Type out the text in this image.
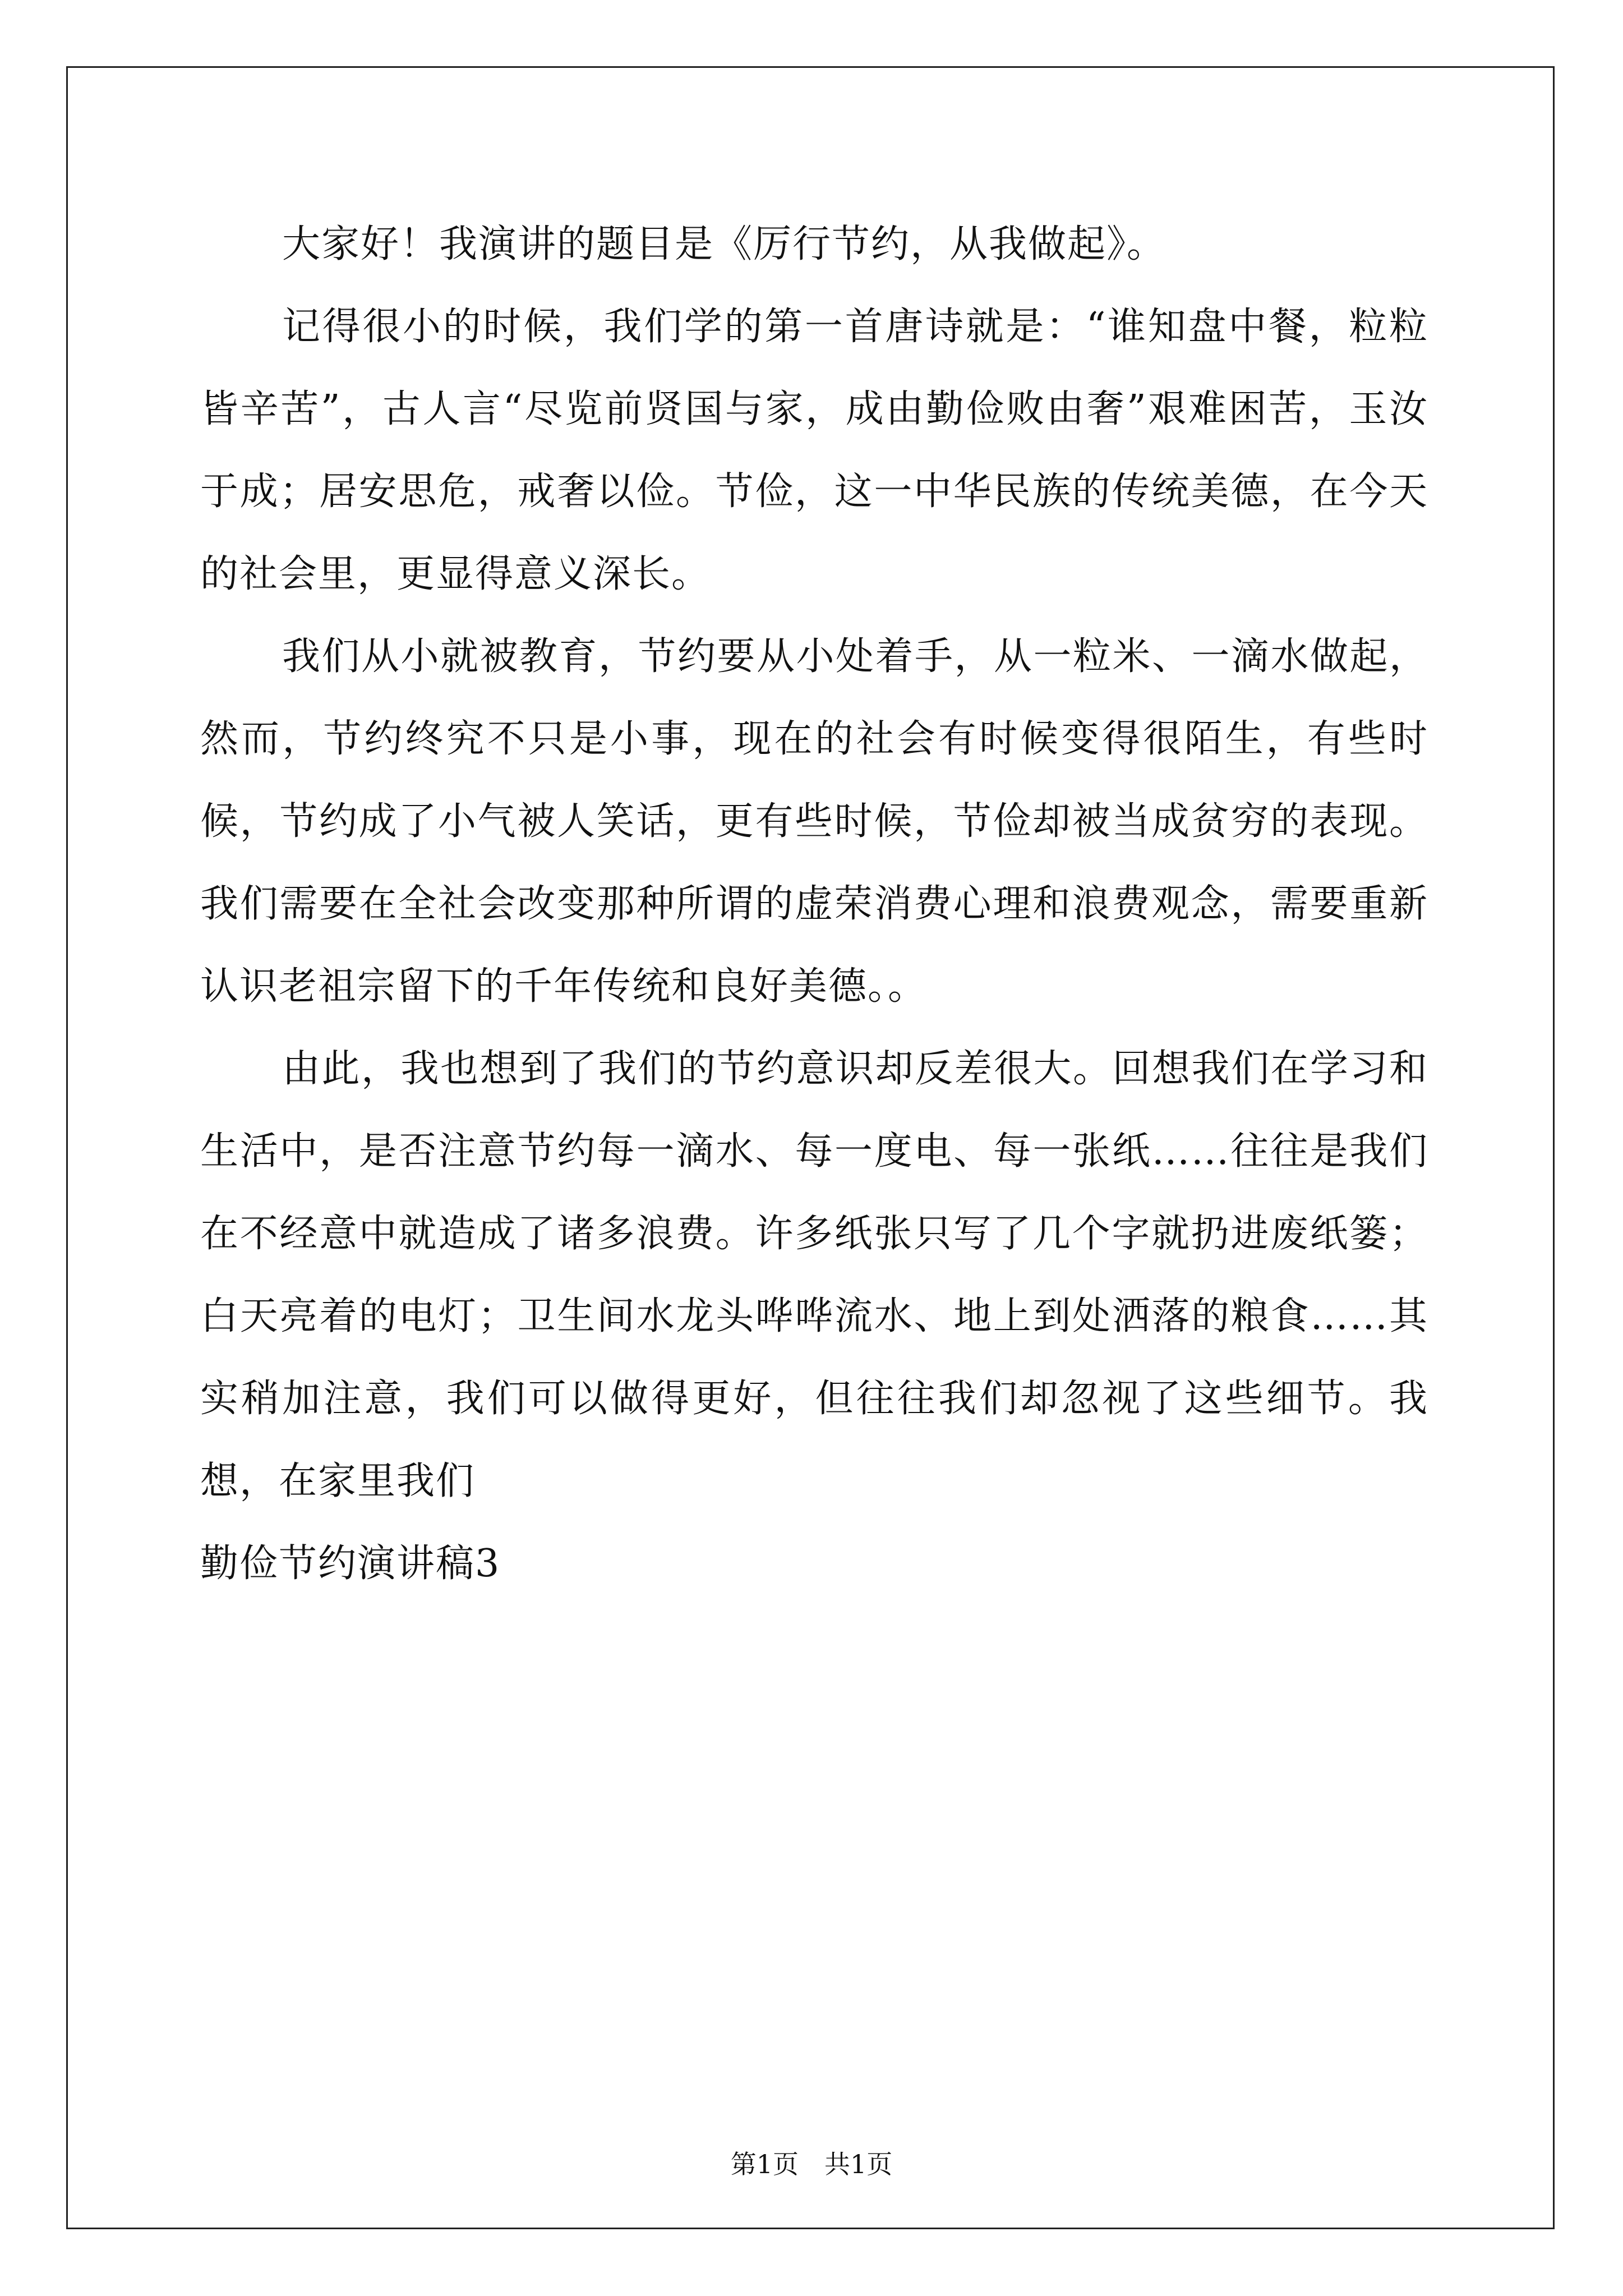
大家好！我演讲的题目是《厉行节约，从我做起》。

记得很小的时候，我们学的第一首唐诗就是：“谁知盘中餐，粒粒皆辛苦”，古人言“尽览前贤国与家，成由勤俭败由奢”艰难困苦，玉汝于成；居安思危，戒奢以俭。节俭，这一中华民族的传统美德，在今天的社会里，更显得意义深长。

我们从小就被教育，节约要从小处着手，从一粒米、一滴水做起，然而，节约终究不只是小事，现在的社会有时候变得很陌生，有些时候，节约成了小气被人笑话，更有些时候，节俭却被当成贫穷的表现。我们需要在全社会改变那种所谓的虚荣消费心理和浪费观念，需要重新认识老祖宗留下的千年传统和良好美德。。

由此，我也想到了我们的节约意识却反差很大。回想我们在学习和生活中，是否注意节约每一滴水、每一度电、每一张纸……往往是我们在不经意中就造成了诸多浪费。许多纸张只写了几个字就扔进废纸篓；白天亮着的电灯；卫生间水龙头哗哗流水、地上到处洒落的粮食……其实稍加注意，我们可以做得更好，但往往我们却忽视了这些细节。我想，在家里我们

勤俭节约演讲稿3

第1页　共1页
